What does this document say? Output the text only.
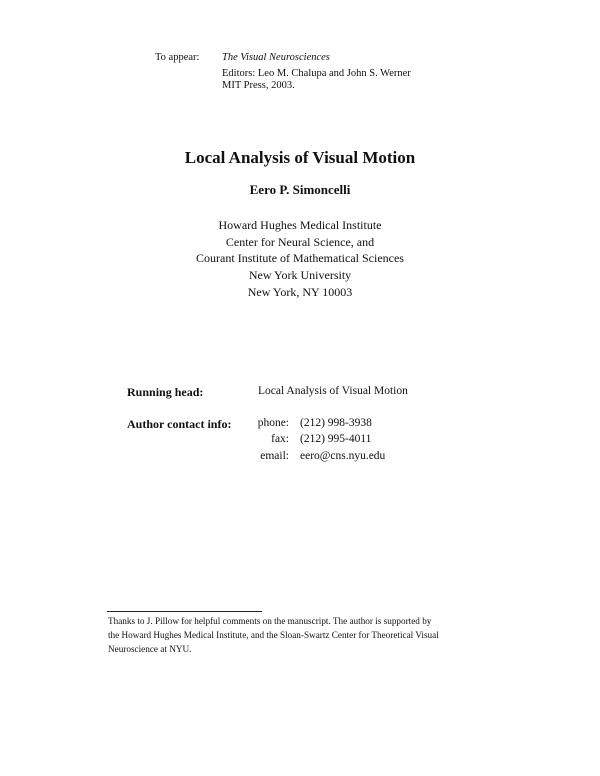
To appear: The Visual Neurosciences
Editors: Leo M. Chalupa and John S. Werner
MIT Press, 2003.
Local Analysis of Visual Motion
Eero P. Simoncelli
Howard Hughes Medical Institute
Center for Neural Science, and
Courant Institute of Mathematical Sciences
New York University
New York, NY 10003
Running head:	Local Analysis of Visual Motion
Author contact info:	phone: (212) 998-3938
fax: (212) 995-4011
email: eero@cns.nyu.edu
Thanks to J. Pillow for helpful comments on the manuscript. The author is supported by
the Howard Hughes Medical Institute, and the Sloan-Swartz Center for Theoretical Visual
Neuroscience at NYU.
